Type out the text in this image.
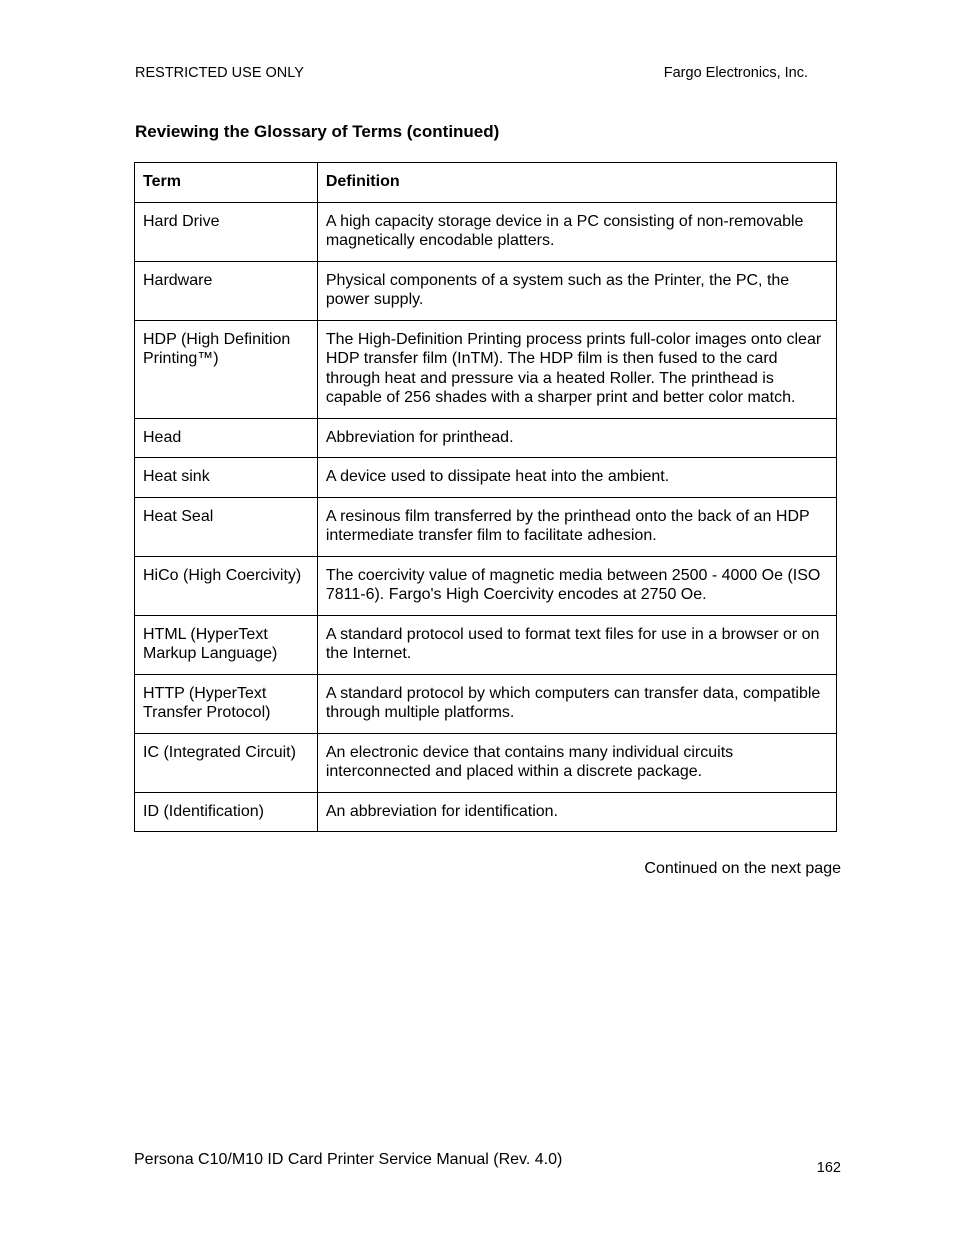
RESTRICTED USE ONLY	Fargo Electronics, Inc.
Reviewing the Glossary of Terms (continued)
Term	Definition
Hard Drive	A high capacity storage device in a PC consisting of non-removable magnetically encodable platters.
Hardware	Physical components of a system such as the Printer, the PC, the power supply.
HDP (High Definition Printing™)	The High-Definition Printing process prints full-color images onto clear HDP transfer film (InTM). The HDP film is then fused to the card through heat and pressure via a heated Roller. The printhead is capable of 256 shades with a sharper print and better color match.
Head	Abbreviation for printhead.
Heat sink	A device used to dissipate heat into the ambient.
Heat Seal	A resinous film transferred by the printhead onto the back of an HDP intermediate transfer film to facilitate adhesion.
HiCo (High Coercivity)	The coercivity value of magnetic media between 2500 - 4000 Oe (ISO 7811-6). Fargo's High Coercivity encodes at 2750 Oe.
HTML (HyperText Markup Language)	A standard protocol used to format text files for use in a browser or on the Internet.
HTTP (HyperText Transfer Protocol)	A standard protocol by which computers can transfer data, compatible through multiple platforms.
IC (Integrated Circuit)	An electronic device that contains many individual circuits interconnected and placed within a discrete package.
ID (Identification)	An abbreviation for identification.
Continued on the next page
Persona C10/M10 ID Card Printer Service Manual (Rev. 4.0)	162
